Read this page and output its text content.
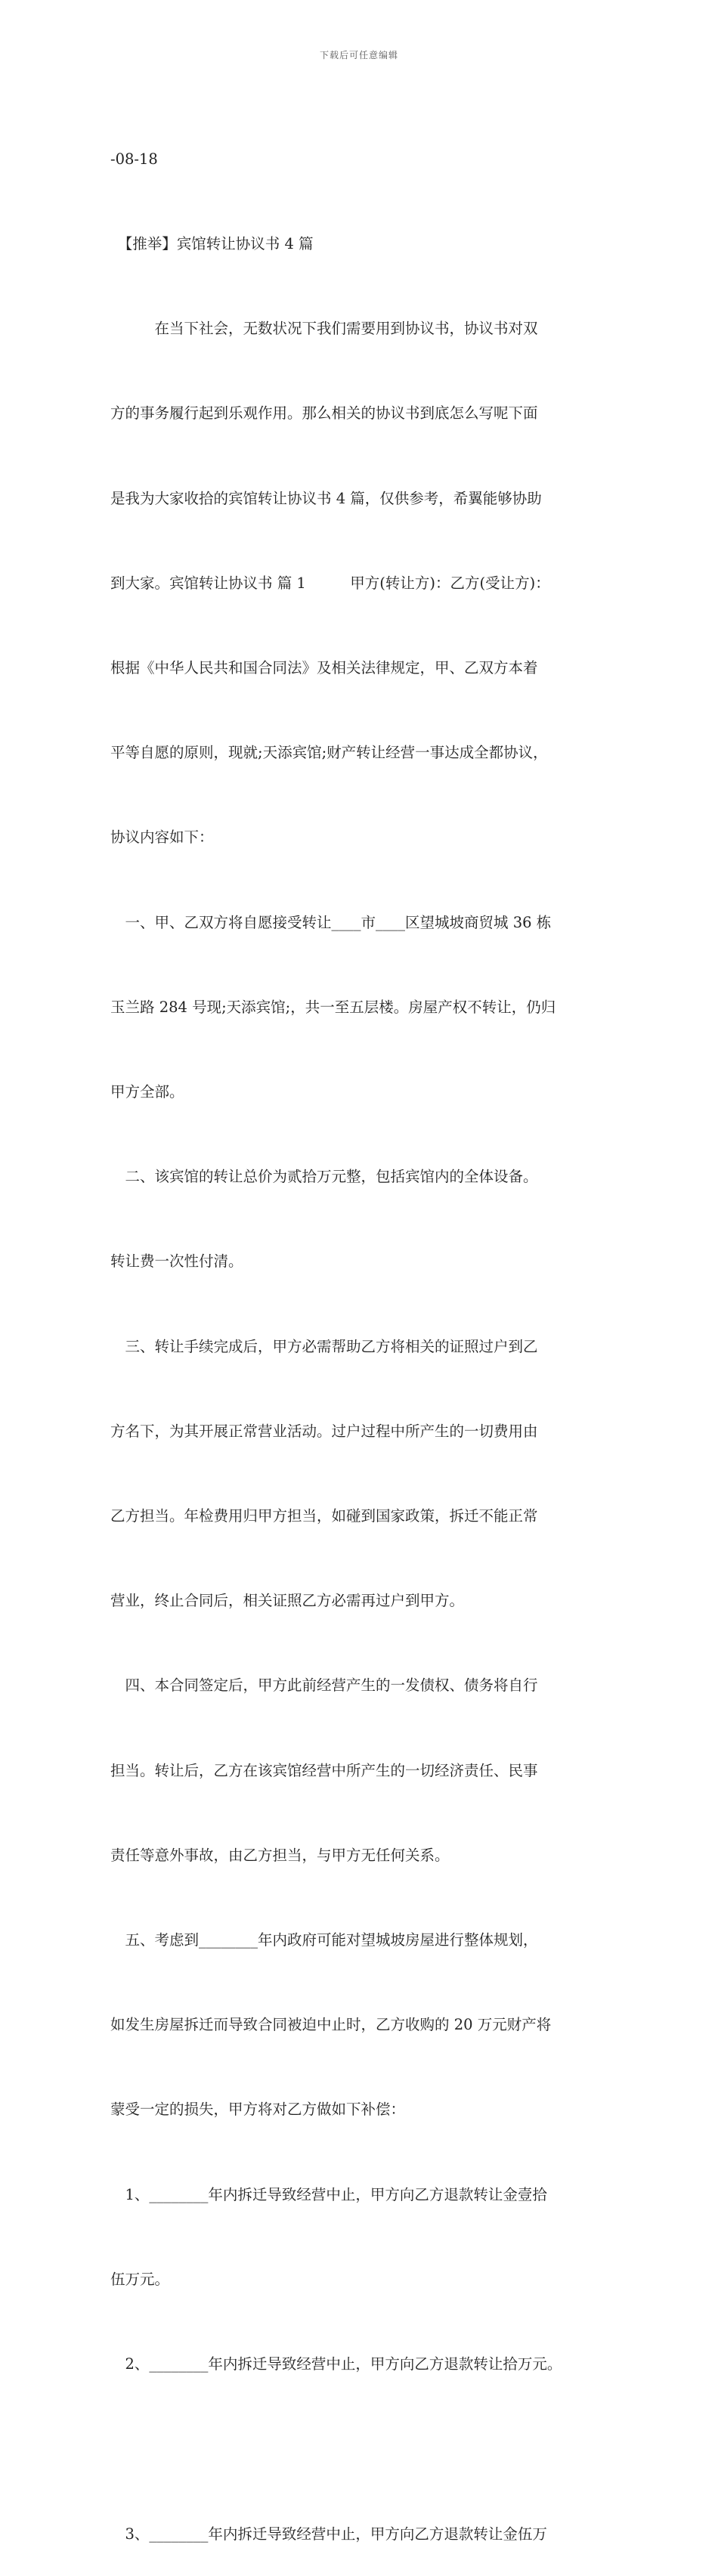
下载后可任意编辑

-08-18

　【推举】宾馆转让协议书 4 篇

　　　在当下社会，无数状况下我们需要用到协议书，协议书对双

方的事务履行起到乐观作用。那么相关的协议书到底怎么写呢下面

是我为大家收拾的宾馆转让协议书 4 篇，仅供参考，希翼能够协助

到大家。宾馆转让协议书 篇 1　　　甲方(转让方)：乙方(受让方)：

根据《中华人民共和国合同法》及相关法律规定，甲、乙双方本着

平等自愿的原则，现就;天添宾馆;财产转让经营一事达成全都协议，

协议内容如下：

　一、甲、乙双方将自愿接受转让____市____区望城坡商贸城 36 栋

玉兰路 284 号现;天添宾馆;，共一至五层楼。房屋产权不转让，仍归

甲方全部。

　二、该宾馆的转让总价为贰拾万元整，包括宾馆内的全体设备。

转让费一次性付清。

　三、转让手续完成后，甲方必需帮助乙方将相关的证照过户到乙

方名下，为其开展正常营业活动。过户过程中所产生的一切费用由

乙方担当。年检费用归甲方担当，如碰到国家政策，拆迁不能正常

营业，终止合同后，相关证照乙方必需再过户到甲方。

　四、本合同签定后，甲方此前经营产生的一发债权、债务将自行

担当。转让后，乙方在该宾馆经营中所产生的一切经济责任、民事

责任等意外事故，由乙方担当，与甲方无任何关系。

　五、考虑到________年内政府可能对望城坡房屋进行整体规划，

如发生房屋拆迁而导致合同被迫中止时，乙方收购的 20 万元财产将

蒙受一定的损失，甲方将对乙方做如下补偿：

　1、________年内拆迁导致经营中止，甲方向乙方退款转让金壹拾

伍万元。

　2、________年内拆迁导致经营中止，甲方向乙方退款转让拾万元。

　3、________年内拆迁导致经营中止，甲方向乙方退款转让金伍万
